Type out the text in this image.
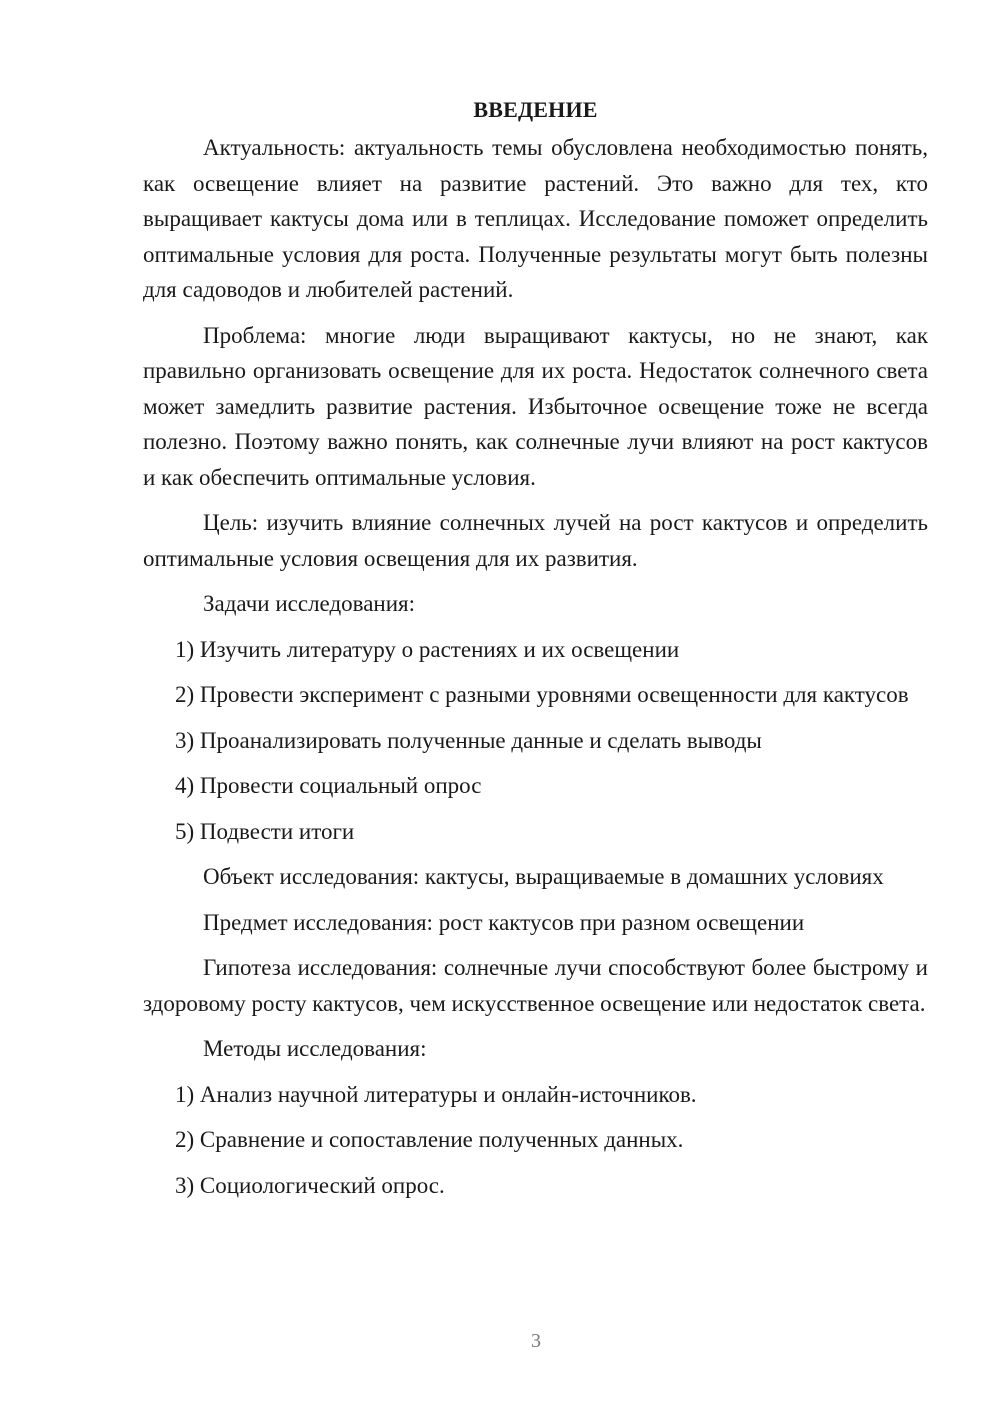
ВВЕДЕНИЕ

Актуальность: актуальность темы обусловлена необходимостью понять, как освещение влияет на развитие растений. Это важно для тех, кто выращивает кактусы дома или в теплицах. Исследование поможет определить оптимальные условия для роста. Полученные результаты могут быть полезны для садоводов и любителей растений.

Проблема: многие люди выращивают кактусы, но не знают, как правильно организовать освещение для их роста. Недостаток солнечного света может замедлить развитие растения. Избыточное освещение тоже не всегда полезно. Поэтому важно понять, как солнечные лучи влияют на рост кактусов и как обеспечить оптимальные условия.

Цель: изучить влияние солнечных лучей на рост кактусов и определить оптимальные условия освещения для их развития.

Задачи исследования:

1) Изучить литературу о растениях и их освещении

2) Провести эксперимент с разными уровнями освещенности для кактусов

3) Проанализировать полученные данные и сделать выводы

4) Провести социальный опрос

5) Подвести итоги

Объект исследования: кактусы, выращиваемые в домашних условиях

Предмет исследования: рост кактусов при разном освещении

Гипотеза исследования: солнечные лучи способствуют более быстрому и здоровому росту кактусов, чем искусственное освещение или недостаток света.

Методы исследования:

1) Анализ научной литературы и онлайн-источников.

2) Сравнение и сопоставление полученных данных.

3) Социологический опрос.

3
